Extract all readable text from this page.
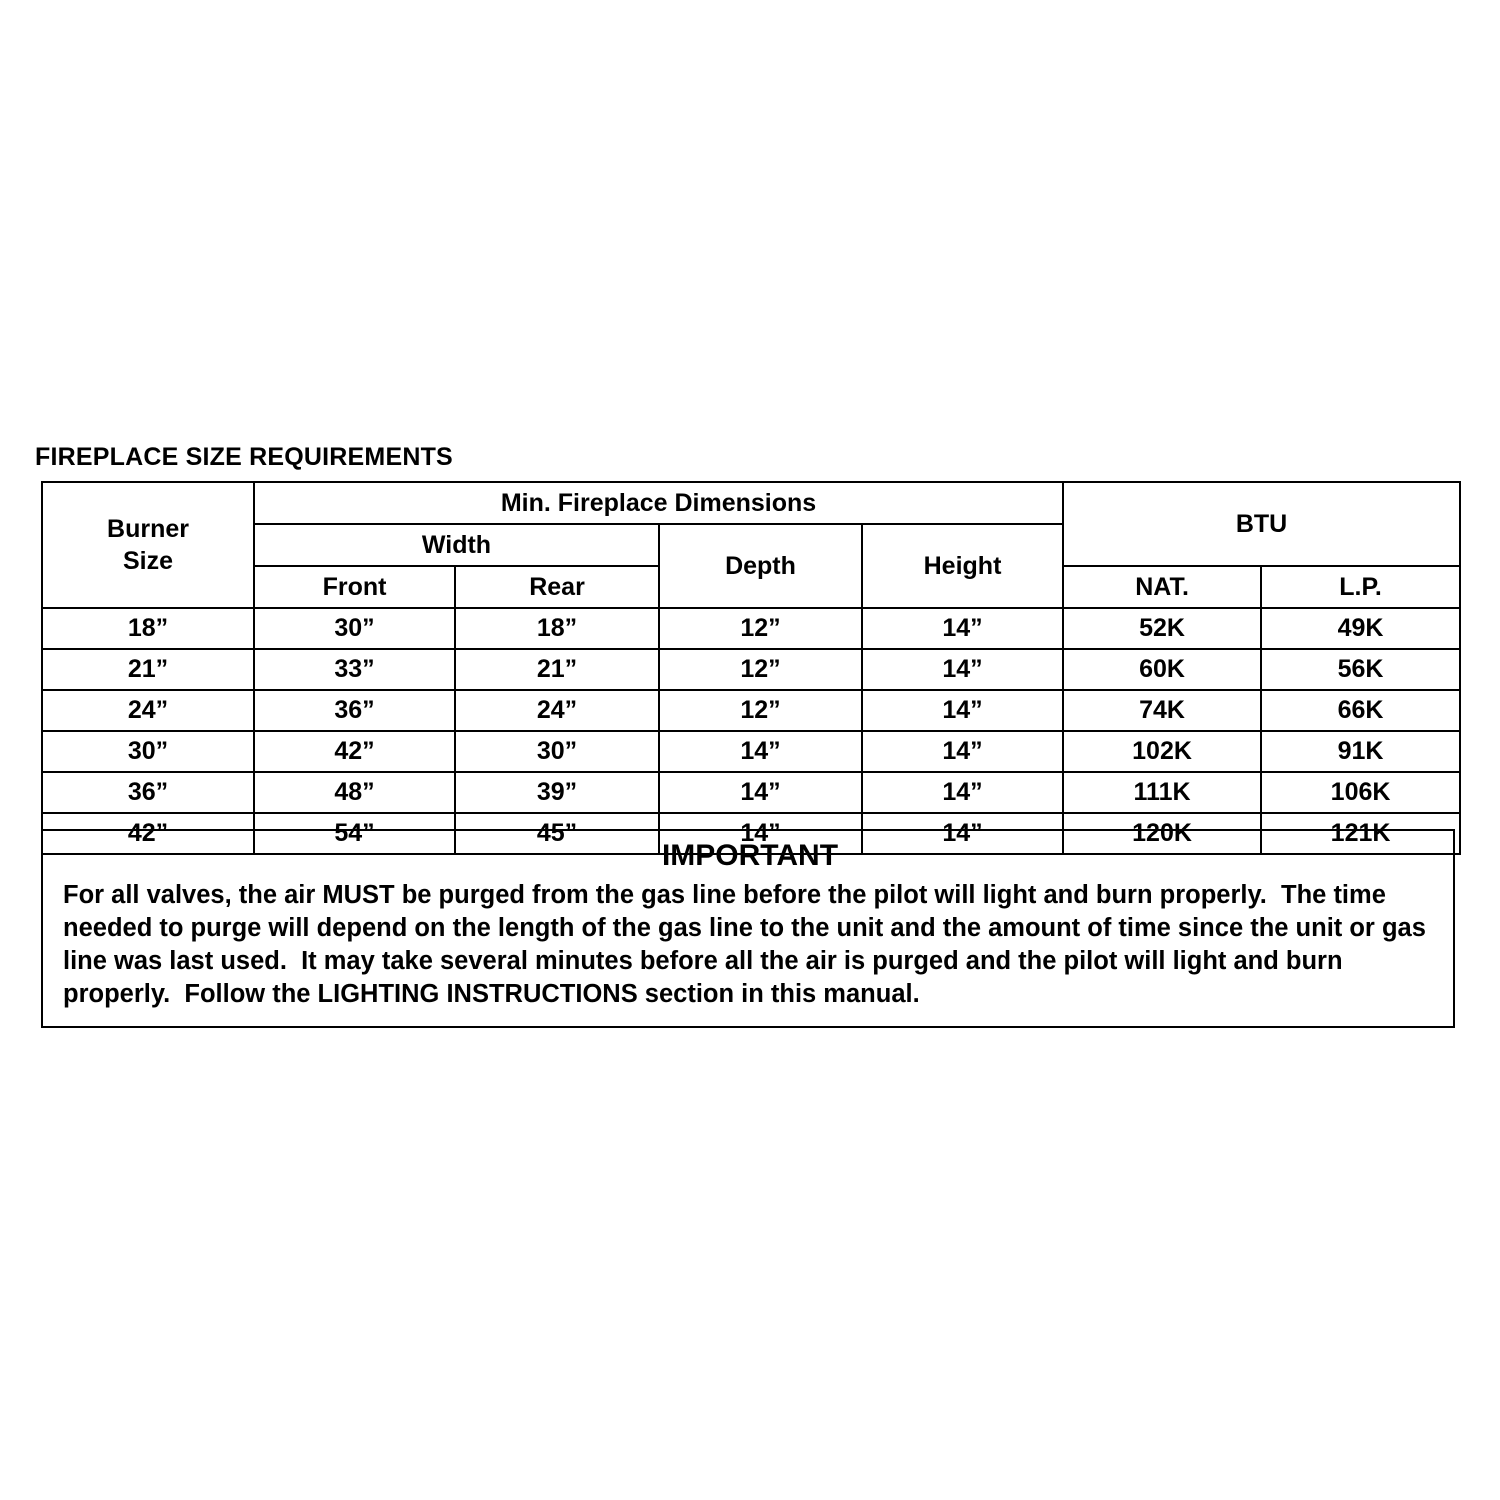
FIREPLACE SIZE REQUIREMENTS
Burner
Size	Min. Fireplace Dimensions				BTU	
	Width		Depth	Height		
	Front	Rear			NAT.	L.P.
18”	30”	18”	12”	14”	52K	49K
21”	33”	21”	12”	14”	60K	56K
24”	36”	24”	12”	14”	74K	66K
30”	42”	30”	14”	14”	102K	91K
36”	48”	39”	14”	14”	111K	106K
42”	54”	45”	14”	14”	120K	121K
IMPORTANT
For all valves, the air MUST be purged from the gas line before the pilot will light and burn properly.  The time needed to purge will depend on the length of the gas line to the unit and the amount of time since the unit or gas line was last used.  It may take several minutes before all the air is purged and the pilot will light and burn properly.  Follow the LIGHTING INSTRUCTIONS section in this manual.
